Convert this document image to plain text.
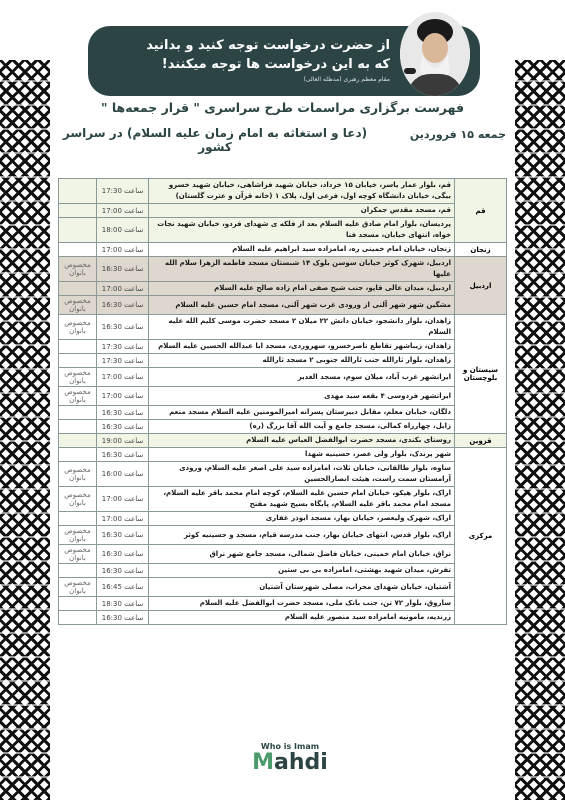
از حضرت درخواست توجه کنید و بدانید که به این درخواست ها توجه میکنند!
مقام معظم رهبری (مدظله العالی)
فهرست برگزاری مراسمات طرح سراسری " قرار جمعه‌ها "
(دعا و استغاثه به امام زمان علیه السلام) در سراسر کشور
جمعه ۱۵ فروردین
	ساعت 17:30	قم، بلوار عمار یاسر، خیابان ۱۵ خرداد، خیابان شهید فراشاهی، خیابان شهید خسرو بیگی، خیابان دانشگاه کوچه اول، فرعی اول، پلاک ۱ (خانه قرآن و عترت گلستان)	قم
	ساعت 17:00	قم، مسجد مقدس جمکران	
	ساعت 18:00	پردیسان، بلوار امام صادق علیه السلام بعد از فلکه ی شهدای فردو، خیابان شهید نجات خواه، انتهای خیابان، مسجد فنا	
	ساعت 17:00	زنجان، خیابان امام خمینی ره، امامزاده سید ابراهیم علیه السلام	زنجان
مخصوص بانوان	ساعت 16:30	اردبیل، شهرک کوثر خیابان سوسن بلوک ۱۴ شبستان مسجد فاطمه الزهرا سلام الله علیها	اردبیل
	ساعت 17:00	اردبیل، میدان عالی قاپو، جنب شیخ صفی امام زاده صالح علیه السلام	
مخصوص بانوان	ساعت 16:30	مشگین شهر شهر آلنی از ورودی غرب شهر آلنی، مسجد امام حسین علیه السلام	
مخصوص بانوان	ساعت 16:30	زاهدان، بلوار دانشجو، خیابان دانش ۲۲ میلان ۲ مسجد حضرت موسی کلیم الله علیه السلام	سیستان و بلوچستان
	ساعت 17:30	زاهدان، زیباشهر تقاطع ناصرخسرو، سهروردی، مسجد ابا عبدالله الحسین علیه السلام	
	ساعت 17:30	زاهدان، بلوار ثارالله جنب ثارالله جنوبی ۲ مسجد ثارالله	
مخصوص بانوان	ساعت 17:00	ایرانشهر غرب آباد، میلان سوم، مسجد الغدیر	
مخصوص بانوان	ساعت 17:00	ایرانشهر فردوسی ۴ بقعه سید مهدی	
	ساعت 16:30	دلگان، خیابان معلم، مقابل دبیرستان پسرانه امیرالمومنین علیه السلام مسجد منعم	
	ساعت 16:30	زابل، چهارراه کمالی، مسجد جامع و آیت الله آقا بزرگ (ره)	
	ساعت 19:00	روستای بکندی، مسجد حضرت ابوالفضل العباس علیه السلام	قزوین
	ساعت 16:30	شهر پرندک، بلوار ولی عصر، حسینیه شهدا	مرکزی
مخصوص بانوان	ساعت 16:00	ساوه، بلوار طالقانی، خیابان ثلاث، امامزاده سید علی اصغر علیه السلام، ورودی آرامستان سمت راست، هیئت انصارالحسین	
مخصوص بانوان	ساعت 17:00	اراک، بلوار هپکو، خیابان امام حسین علیه السلام، کوچه امام محمد باقر علیه السلام، مسجد امام محمد باقر علیه السلام، پایگاه بسیج شهید مفتح	
	ساعت 17:00	اراک، شهرک ولیعصر، خیابان بهار، مسجد ابوذر غفاری	
مخصوص بانوان	ساعت 16:30	اراک، بلوار قدس، انتهای خیابان بهار، جنب مدرسه قیام، مسجد و حسینیه کوثر	
مخصوص بانوان	ساعت 16:30	نراق، خیابان امام خمینی، خیابان فاضل شمالی، مسجد جامع شهر نراق	
	ساعت 16:30	تفرش، میدان شهید بهشتی، امامزاده بی بی ستین	
مخصوص بانوان	ساعت 16:45	آشتیان، خیابان شهدای محراب، مصلی شهرستان آشتیان	
	ساعت 18:30	ساروق، بلوار ۷۲ تن، جنب بانک ملی، مسجد حضرت ابوالفضل علیه السلام	
	ساعت 16:30	زرندیه، مامونیه امامزاده سید منصور علیه السلام	
Who is Imam
Mahdi
